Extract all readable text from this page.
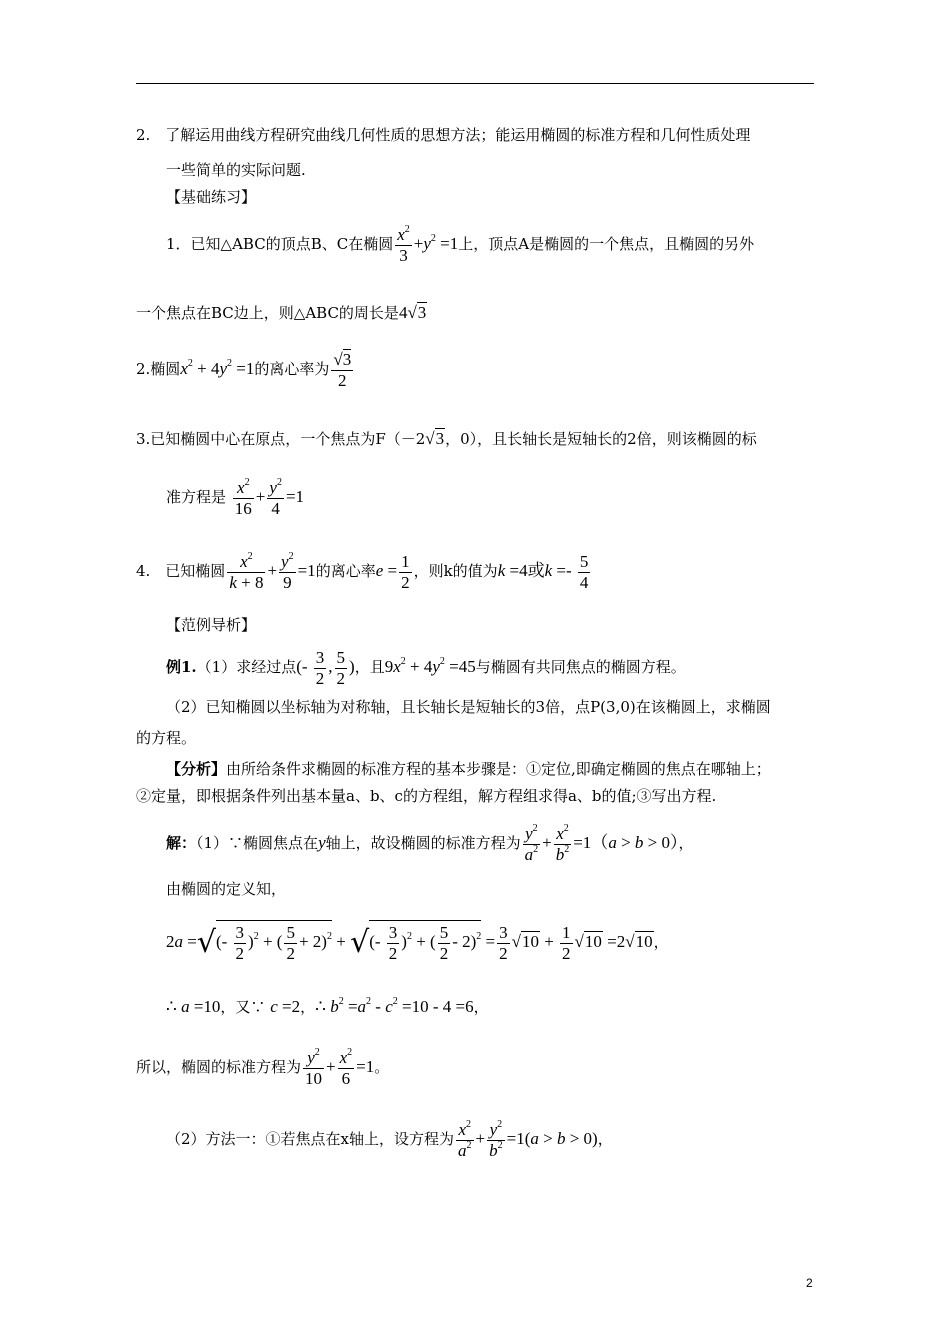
2.　了解运用曲线方程研究曲线几何性质的思想方法；能运用椭圆的标准方程和几何性质处理
一些简单的实际问题.
【基础练习】
1．已知△ABC的顶点B、C在椭圆 $\frac{x^2}{3} +y^2 =1$上，顶点A是椭圆的一个焦点，且椭圆的另外
一个焦点在BC边上，则△ABC的周长是4√3
2.椭圆$x^2 + 4y^2 =1$的离心率为 $\frac{√3}{2}$
3.已知椭圆中心在原点，一个焦点为F（－2√3，0），且长轴长是短轴长的2倍，则该椭圆的标
准方程是 $\frac{x^2}{16} + \frac{y^2}{4} =1$
4.　已知椭圆 $\frac{x^2}{k + 8} + \frac{y^2}{9} =1$的离心率$e = \frac{1}{2}$ ，则k的值为k =4或$k =- \frac{5}{4}$
【范例导析】
例1.（1）求经过点(- $\frac{3}{2}$ , $\frac{5}{2}$ )，且$9x^2 + 4y^2 =45$与椭圆有共同焦点的椭圆方程。
（2）已知椭圆以坐标轴为对称轴，且长轴长是短轴长的3倍，点P(3,0)在该椭圆上，求椭圆
的方程。
【分析】由所给条件求椭圆的标准方程的基本步骤是：①定位,即确定椭圆的焦点在哪轴上；
②定量，即根据条件列出基本量a、b、c的方程组，解方程组求得a、b的值;③写出方程.
解：（1）∵椭圆焦点在y轴上，故设椭圆的标准方程为 $\frac{y^2}{a^2} + \frac{x^2}{b^2} =1(a > b > 0)$，
由椭圆的定义知，
2a =√(- $\frac{3}{2} )^2$ + ( $\frac{5}{2} + 2)^2$ + √(- $\frac{3}{2} )^2$ + ( $\frac{5}{2} - 2)^2 = \frac{3}{2} √10 + \frac{1}{2} √10 =2√10$，
∴ a =10，又∵ c =2，∴ $b^2 =a^2 - c^2 =10 - 4 =6$，
所以，椭圆的标准方程为 $\frac{y^2}{10} + \frac{x^2}{6} =1$。
（2）方法一：①若焦点在x轴上，设方程为 $\frac{x^2}{a^2} + \frac{y^2}{b^2} =1(a > b > 0)$，
2
